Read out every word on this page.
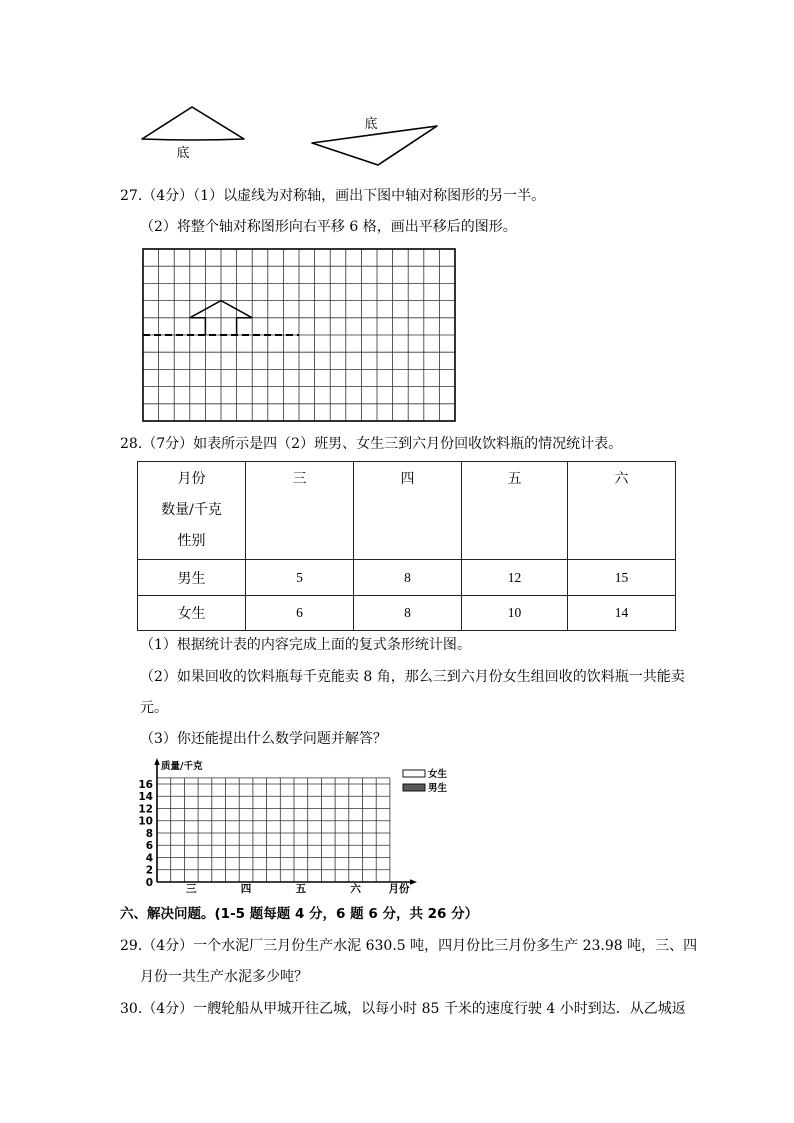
底
底
27.（4分）（1）以虚线为对称轴，画出下图中轴对称图形的另一半。
（2）将整个轴对称图形向右平移 6 格，画出平移后的图形。
28.（7分）如表所示是四（2）班男、女生三到六月份回收饮料瓶的情况统计表。
月份
数量/千克
性别	三	四	五	六
男生	5	8	12	15
女生	6	8	10	14
（1）根据统计表的内容完成上面的复式条形统计图。
（2）如果回收的饮料瓶每千克能卖 8 角，那么三到六月份女生组回收的饮料瓶一共能卖
元。
（3）你还能提出什么数学问题并解答？
质量/千克
月份
16
14
12
10
8
6
4
2
0
三	四	五	六
女生
男生
六、解决问题。(1-5 题每题 4 分，6 题 6 分，共 26 分）
29.（4分）一个水泥厂三月份生产水泥 630.5 吨，四月份比三月份多生产 23.98 吨，三、四
月份一共生产水泥多少吨？
30.（4分）一艘轮船从甲城开往乙城，以每小时 85 千米的速度行驶 4 小时到达．从乙城返
